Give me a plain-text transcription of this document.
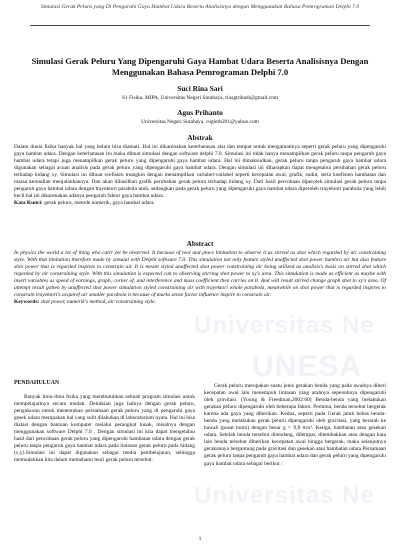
Simulasi Gerak Peluru yang Di Pengaruhi Gaya Hambat Udara Beserta Analisisnya dengan Menggunakan Bahasa Pemrograman Delphi 7.0
Simulasi Gerak Peluru Yang Dipengaruhi Gaya Hambat Udara Beserta Analisisnya Dengan Menggunakan Bahasa Pemrograman Delphi 7.0
Suci Rina Sari
S1 Fisika, MIPA, Universitas Negeri Surabaya, riusgtribadi@gmail.com
Agus Prihanto
Universitas Negeri Surabaya, cogierb201@yahoo.com
Abstrak
Dalam dunia fisika banyak hal yang belum bisa diamati. Hal ini dikarenakan keterbatasan alat dan tempat untuk mengamatinya seperti gerak peluru yang dipengaruhi gaya hambat udara. Dengan keterbatasan itu maka dibuat simulasi dengan software delphi 7.0. Simulasi ini tidak hanya menampilkan gerak peluru tanpa pengaruh gaya hambat udara tetapi juga menampilkan gerak peluru yang dipengaruhi gaya hambat udara. Hal ini dimaksudkan, gerak peluru tanpa pengaruh gaya hambat udara digunakan sebagai acuan analisis pada gerak peluru yang dipengaruhi gaya hambat udara. Dengan simulasi ini diharapkan dapat mengetahui perubahan gerak peluru terhadap bidang xy. Simulasi ini dibuat scefisien mungkin dengan menampilkan variabel-variabel seperti kecepatan awal, grafik, sudut, serta koefisien hambatan dan massa kemudian menjalankannya. Dan akan dihasilkan grafik perubahan gerak peluru terhadap bidang xy. Dari hasil percobaan diperoleh simulasi gerak peluru tanpa pengaruh gaya hambat udara dengan trayektori parabola utuh, sedangkan pada gerak peluru yang dipengaruhi gaya hambat udara diperoleh trayektori parabola yang lebih kecil hal ini dikarenakan adanya pengaruh faktor gaya hambat udara.
Kata Kunci: gerak peluru, metode numerik, gaya hambat udara.
Abstract
In physics the world a lot of thing who can't yet be observed. It because of tool and place limitation to observe it as stirred as shot which regarded by air constraining style. With that limitation therefore made by simulat with Delphi software 7.0. This simulation not only feature styled unaffected shot power hambra air but also feature shot power that is regarded inspires to constrain air. It is meant styled unaffected shot power constraining air being utilized as analisis's basis on stirred shot which regarded by air constraining style. With this simulation is expected can to observing stirring shot power to xy's area. This simulation is made as efficient as maybe with insert variables as speed of earnings, graph, corner of, and interference and mass coefficient then carries on it. And will result stirred change graph shot to xy's area. Of attempt result gotten by unaffected shot power simulation styled constraining air with trayektori whole parabola, meanwhile on shot power that is regarded inspires to constrain trayektori's acquiref air smaller parabola it because of marks sense factor influence inspire to constrain air.
Keywords: shot power, numerik's method, air constraining style.
Universitas Ne
UNESA
Universitas Ne
PENDAHULUAN

Banyak ilmu-ilmu fisika yang membutuhkan sebuah program simulasi untuk mempelajarinya secara mudah. Demikian juga halnya dengan gerak peluru, pengukuran untuk menentukan persamaan gerak peluru yang di pengaruhi gaya gesek udara merupakan hal yang sulit dilakukan di laboratorium nyata. Hal ini bisa diatasi dengan bantuan komputer melalui perangkat lunak, misalnya dengan menggunakan software Delphi 7.0 . Dengan simulasi ini kita dapat mengetahui hasil dari pencobaan gerak peluru yang dipengaruhi hambatan udara dengan gerak peluru tanpa pengaruh gaya hambat udara pada lintasan gerak peluru pada bidang (x,y).Simulasi ini dapat digunakan sebagai media pembelajaran, sehingga memudahkan kita dalam memahami teori gerak peluru tersebut.

Gerak peluru merupakan suatu jenis gerakan benda yang pada awalnya diberi kecepatan awal lalu menempuh lintasan yang arahnya sepenuhnya dipengaruhi oleh gravitasi. (Young & Freedman,2002:60) Benda-benda yang melakukan gerakan peluru dipengaruhi oleh beberapa faktor. Pertama, benda tersebut bergerak karena ada gaya yang diberikan. Kedua, seperti pada Gerak jatuh bebas benda-benda yang melakukan gerak peluru dipengaruhi oleh gravitasi, yang berarah ke bawah (pusat bumi) dengan besar g = 9,8 m/s². Ketiga, hambatan atau gesekan udara. Setelah benda tersebut ditendang, dilempar, ditembakkan atau dengan kata lain benda tersebut diberikan kecepatan awal hingga bergerak, maka selanjutnya gerakannya bergantung pada gravitasi dan gesekan atau hambatan udara.Persamaan gerak peluru tanpa pengaruh gaya hambat udara dan gerak peluru yang dipengaruhi gaya hambat udara sebagai berikut :

1
